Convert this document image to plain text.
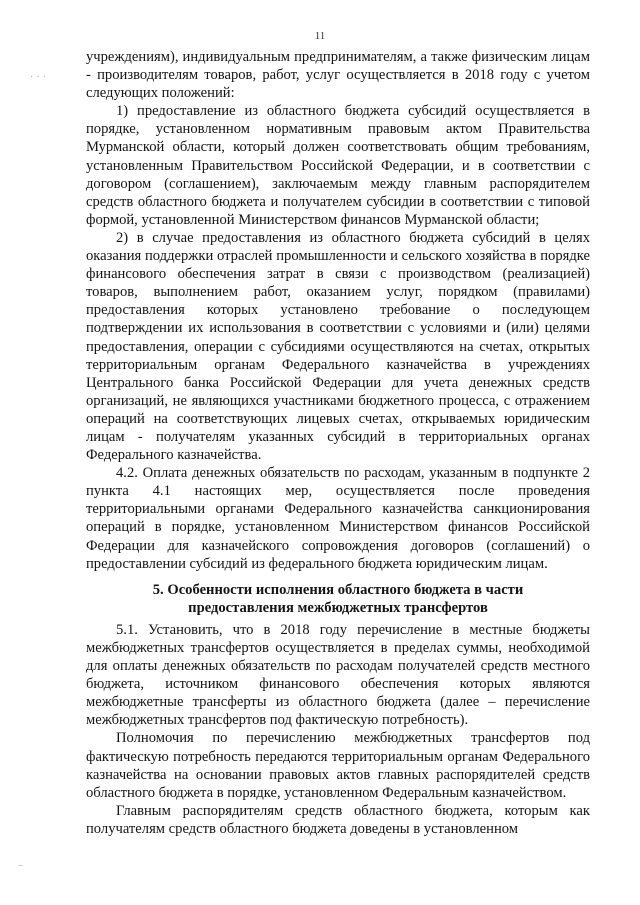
11
· · ·
–

учреждениям), индивидуальным предпринимателям, а также физическим лицам - производителям товаров, работ, услуг осуществляется в 2018 году с учетом следующих положений:

1) предоставление из областного бюджета субсидий осуществляется в порядке, установленном нормативным правовым актом Правительства Мурманской области, который должен соответствовать общим требованиям, установленным Правительством Российской Федерации, и в соответствии с договором (соглашением), заключаемым между главным распорядителем средств областного бюджета и получателем субсидии в соответствии с типовой формой, установленной Министерством финансов Мурманской области;

2) в случае предоставления из областного бюджета субсидий в целях оказания поддержки отраслей промышленности и сельского хозяйства в порядке финансового обеспечения затрат в связи с производством (реализацией) товаров, выполнением работ, оказанием услуг, порядком (правилами) предоставления которых установлено требование о последующем подтверждении их использования в соответствии с условиями и (или) целями предоставления, операции с субсидиями осуществляются на счетах, открытых территориальным органам Федерального казначейства в учреждениях Центрального банка Российской Федерации для учета денежных средств организаций, не являющихся участниками бюджетного процесса, с отражением операций на соответствующих лицевых счетах, открываемых юридическим лицам - получателям указанных субсидий в территориальных органах Федерального казначейства.

4.2. Оплата денежных обязательств по расходам, указанным в подпункте 2 пункта 4.1 настоящих мер, осуществляется после проведения территориальными органами Федерального казначейства санкционирования операций в порядке, установленном Министерством финансов Российской Федерации для казначейского сопровождения договоров (соглашений) о предоставлении субсидий из федерального бюджета юридическим лицам.

5. Особенности исполнения областного бюджета в части
предоставления межбюджетных трансфертов

5.1. Установить, что в 2018 году перечисление в местные бюджеты межбюджетных трансфертов осуществляется в пределах суммы, необходимой для оплаты денежных обязательств по расходам получателей средств местного бюджета, источником финансового обеспечения которых являются межбюджетные трансферты из областного бюджета (далее – перечисление межбюджетных трансфертов под фактическую потребность).

Полномочия по перечислению межбюджетных трансфертов под фактическую потребность передаются территориальным органам Федерального казначейства на основании правовых актов главных распорядителей средств областного бюджета в порядке, установленном Федеральным казначейством.

Главным распорядителям средств областного бюджета, которым как получателям средств областного бюджета доведены в установленном
